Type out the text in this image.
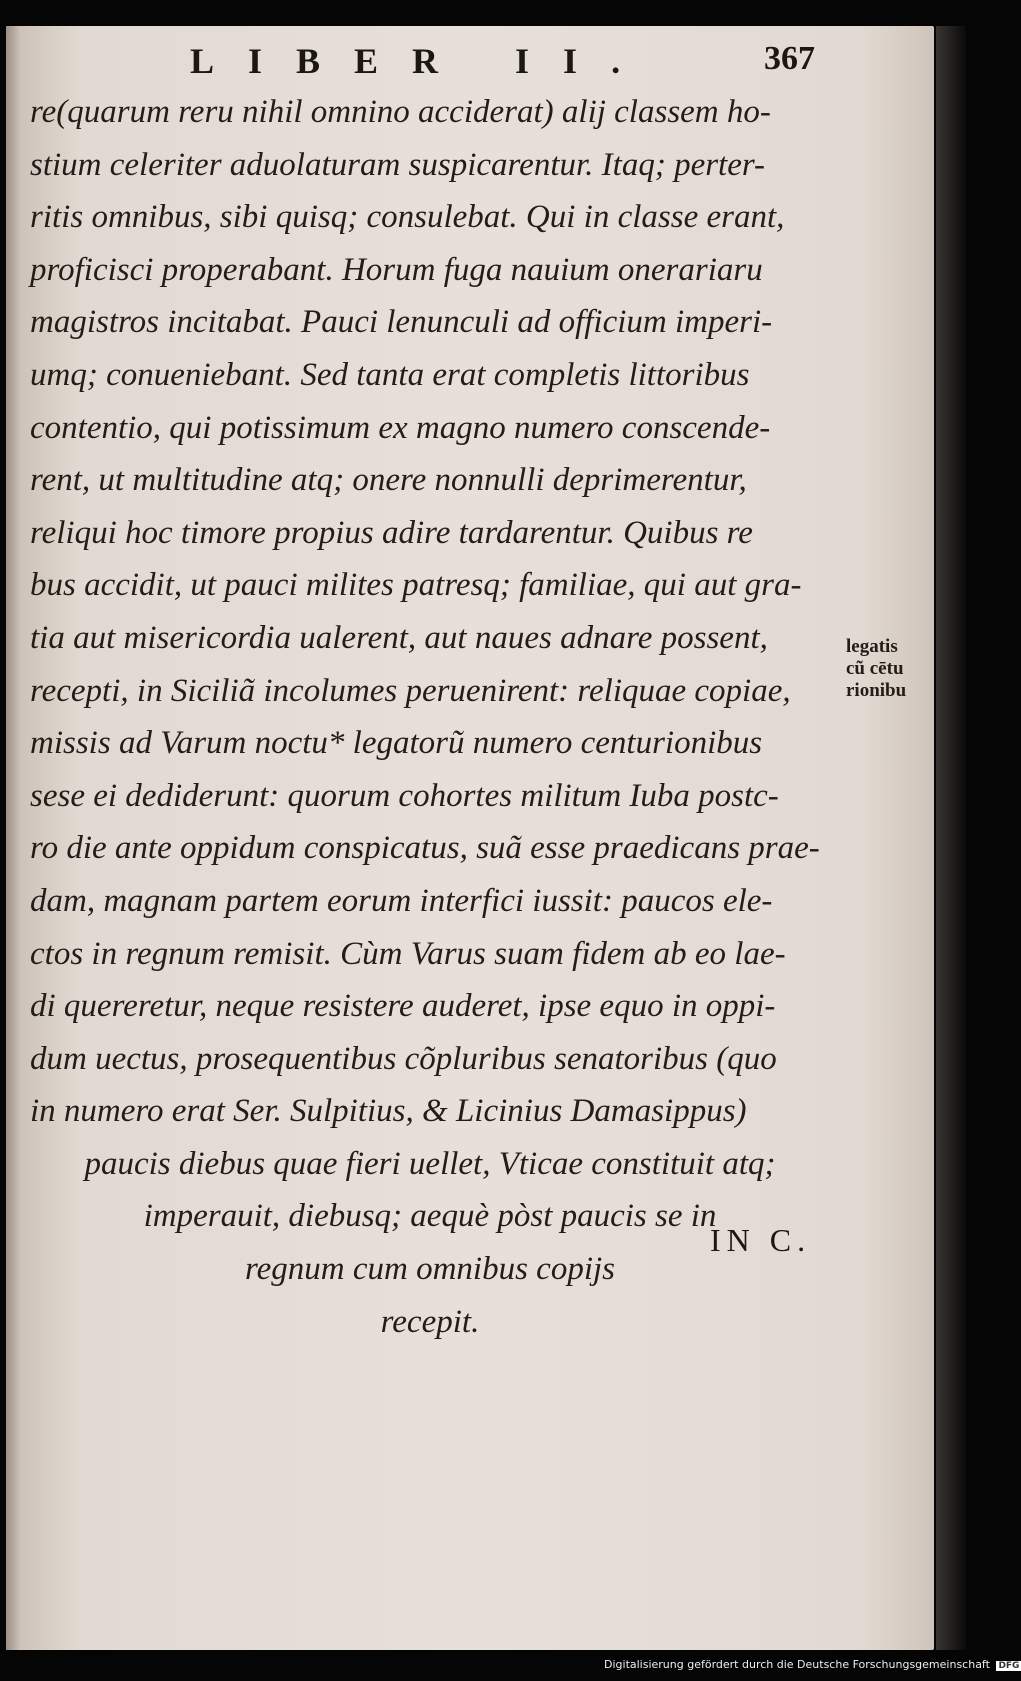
LIBER II.	367
re(quarum reru nihil omnino acciderat) alij classem ho-
stium celeriter aduolaturam suspicarentur. Itaq; perter-
ritis omnibus, sibi quisq; consulebat. Qui in classe erant,
proficisci properabant. Horum fuga nauium onerariaru
magistros incitabat. Pauci lenunculi ad officium imperi-
umq; conueniebant. Sed tanta erat completis littoribus
contentio, qui potissimum ex magno numero conscende-
rent, ut multitudine atq; onere nonnulli deprimerentur,
reliqui hoc timore propius adire tardarentur. Quibus re
bus accidit, ut pauci milites patresq; familiae, qui aut gra-
tia aut misericordia ualerent, aut naues adnare possent,
recepti, in Siciliã incolumes peruenirent: reliquae copiae,
missis ad Varum noctu* legatorũ numero centurionibus
sese ei dediderunt: quorum cohortes militum Iuba postc-
ro die ante oppidum conspicatus, suã esse praedicans prae-
dam, magnam partem eorum interfici iussit: paucos ele-
ctos in regnum remisit. Cùm Varus suam fidem ab eo lae-
di quereretur, neque resistere auderet, ipse equo in oppi-
dum uectus, prosequentibus cõpluribus senatoribus (quo
in numero erat Ser. Sulpitius, & Licinius Damasippus)
paucis diebus quae fieri uellet, Vticae constituit atq;
imperauit, diebusq; aequè pòst paucis se in
regnum cum omnibus copijs
recepit.
legatis
cũ cētu
rionibu
IN C.
Digitalisierung gefördert durch die Deutsche Forschungsgemeinschaft DFG
